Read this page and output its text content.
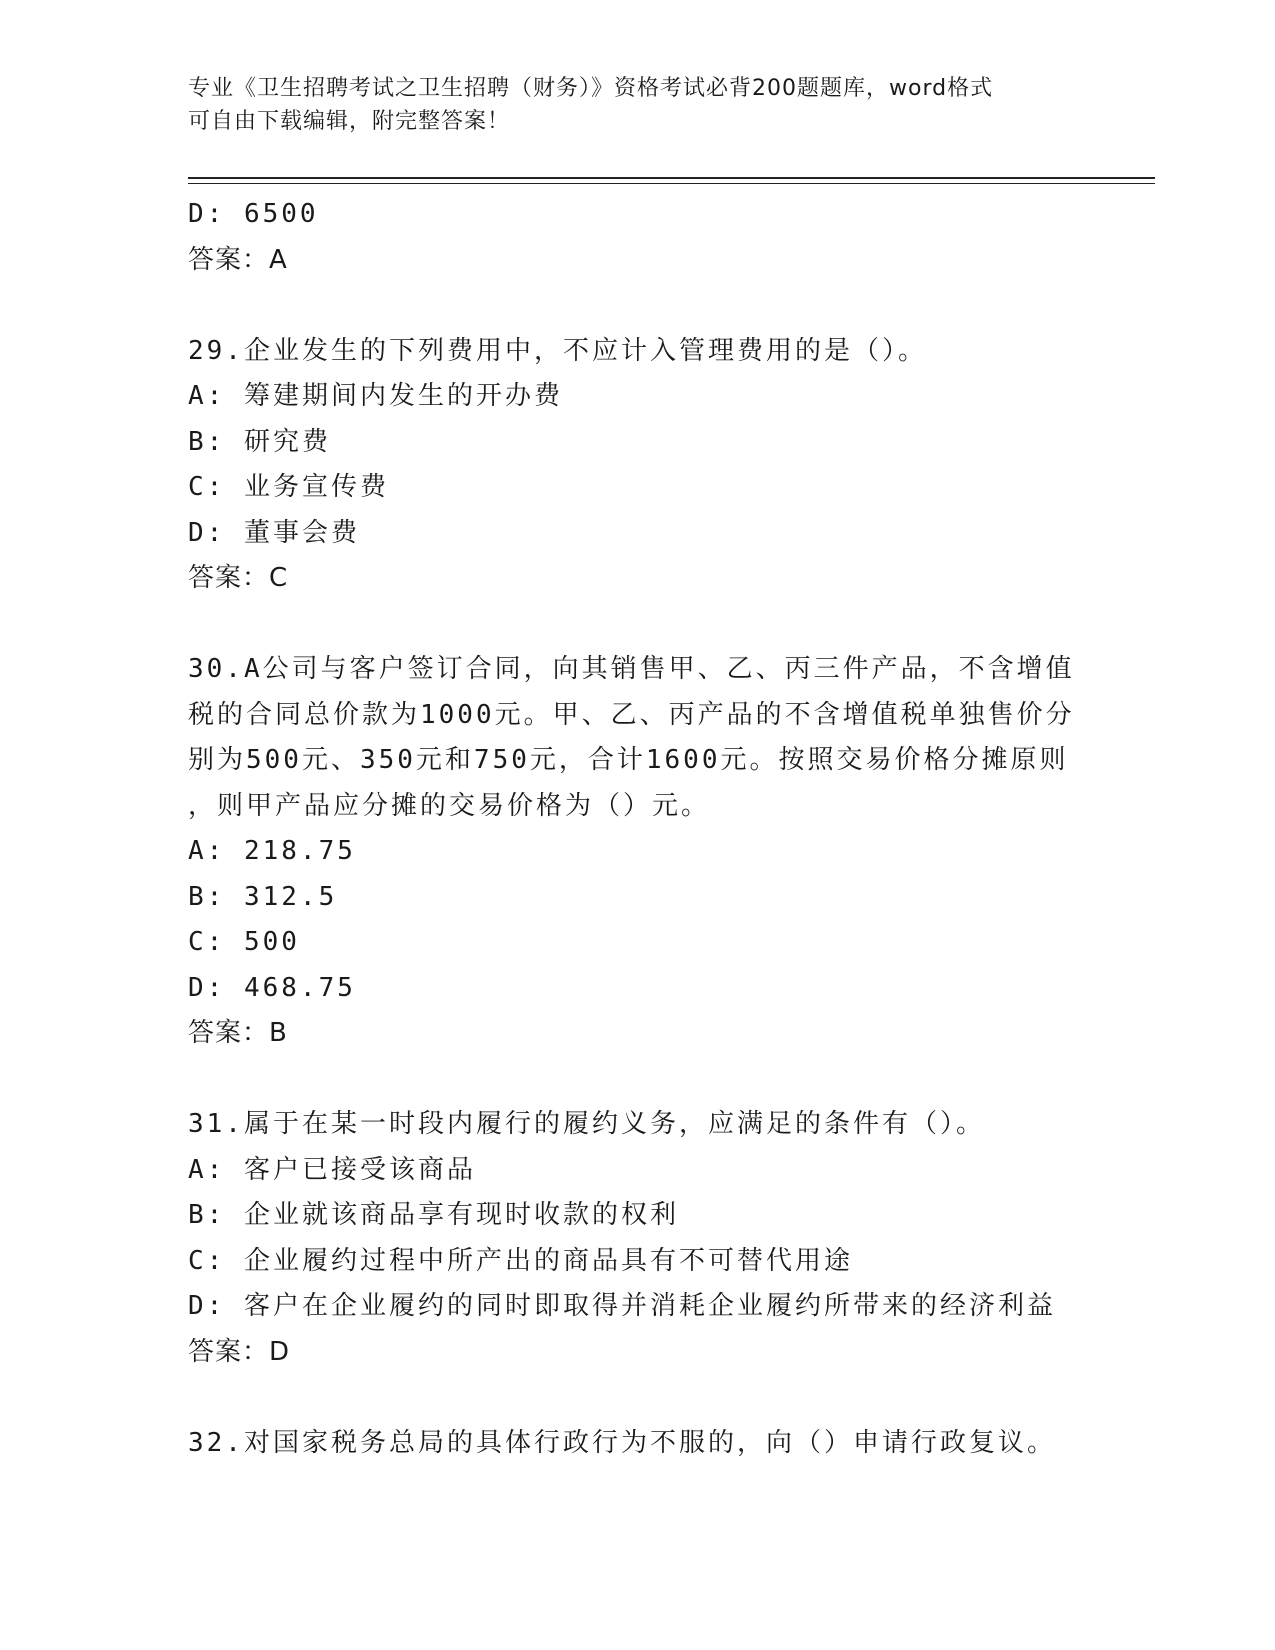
专业《卫生招聘考试之卫生招聘（财务）》资格考试必背200题题库，word格式
可自由下载编辑，附完整答案！
D: 6500
答案：A
29.企业发生的下列费用中，不应计入管理费用的是（）。
A: 筹建期间内发生的开办费
B: 研究费
C: 业务宣传费
D: 董事会费
答案：C
30.A公司与客户签订合同，向其销售甲、乙、丙三件产品，不含增值
税的合同总价款为1000元。甲、乙、丙产品的不含增值税单独售价分
别为500元、350元和750元，合计1600元。按照交易价格分摊原则
，则甲产品应分摊的交易价格为（）元。
A: 218.75
B: 312.5
C: 500
D: 468.75
答案：B
31.属于在某一时段内履行的履约义务，应满足的条件有（）。
A: 客户已接受该商品
B: 企业就该商品享有现时收款的权利
C: 企业履约过程中所产出的商品具有不可替代用途
D: 客户在企业履约的同时即取得并消耗企业履约所带来的经济利益
答案：D
32.对国家税务总局的具体行政行为不服的，向（）申请行政复议。
